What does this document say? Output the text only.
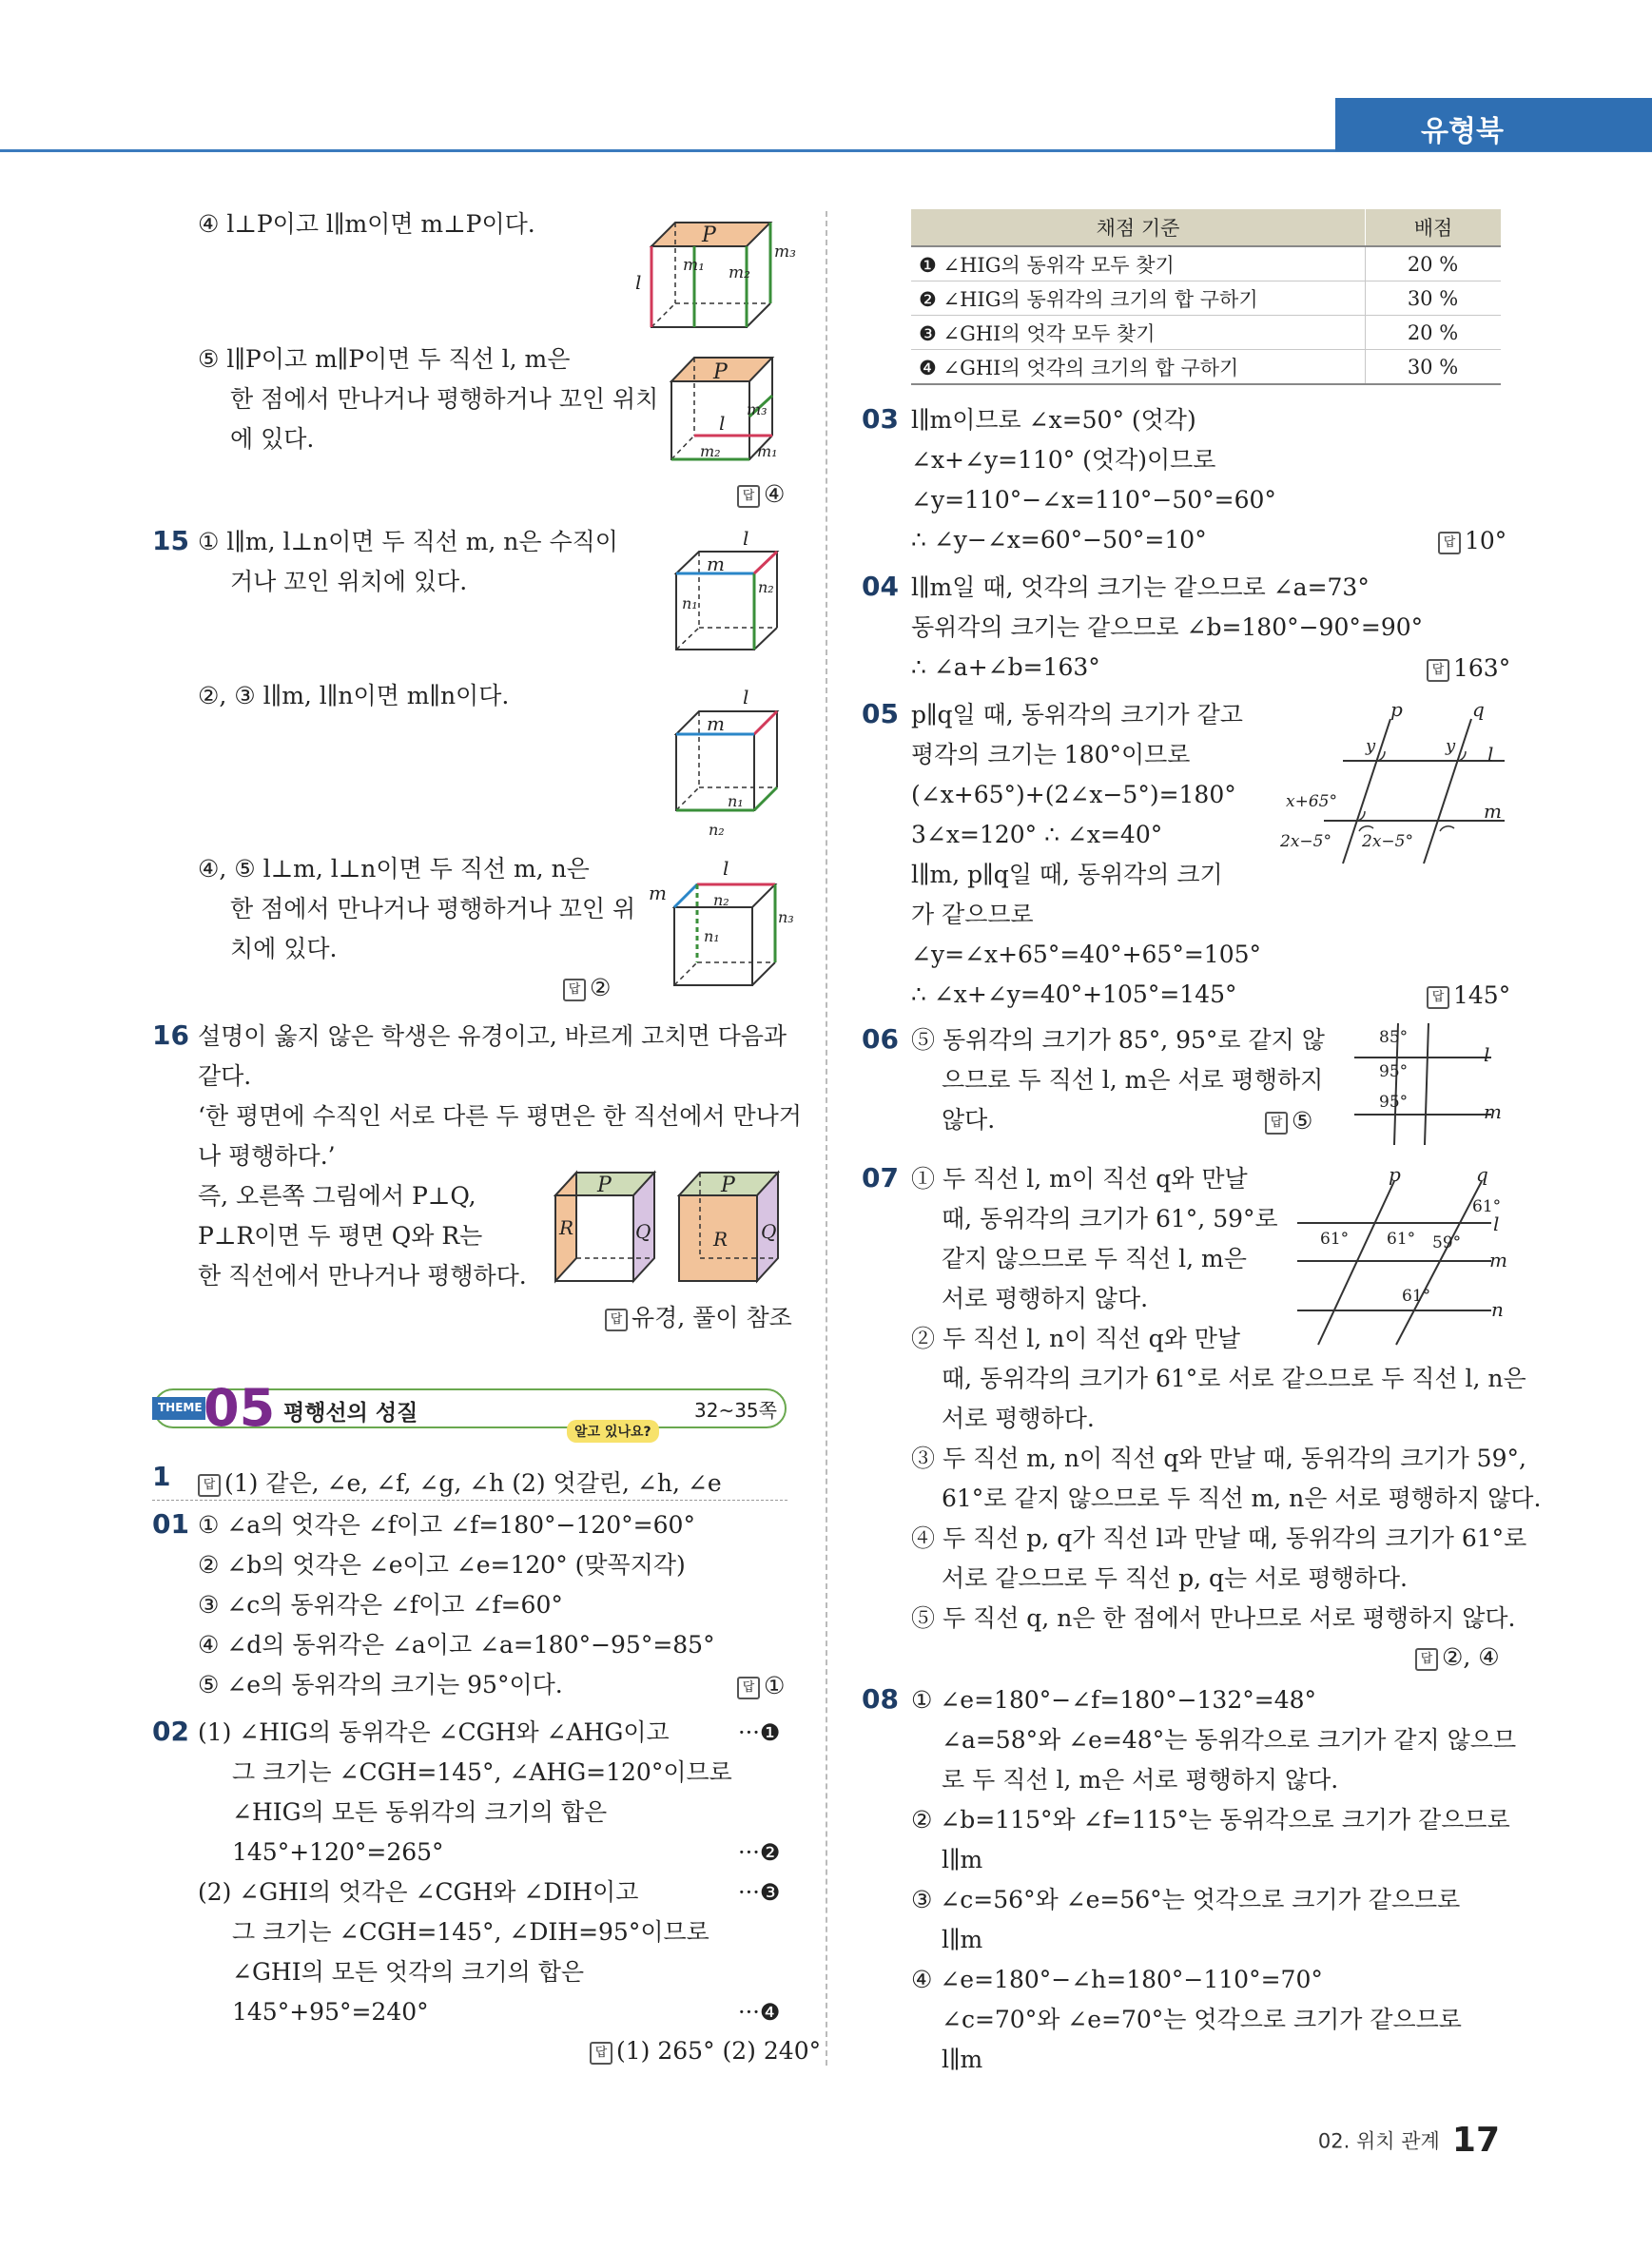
유형북
④ l⊥P이고 l∥m이면 m⊥P이다.	P
l
m₁ m₂
m₃
⑤ l∥P이고 m∥P이면 두 직선 l, m은
한 점에서 만나거나 평행하거나 꼬인 위치
에 있다.
P
l
m₃
m₂ m₁
답 ④
15 ① l∥m, l⊥n이면 두 직선 m, n은 수직이
거나 꼬인 위치에 있다.
l
m
n₂
n₁
②, ③ l∥m, l∥n이면 m∥n이다.	l
m
n₁
n₂
④, ⑤ l⊥m, l⊥n이면 두 직선 m, n은
한 점에서 만나거나 평행하거나 꼬인 위
치에 있다.
l
m	n₂
n₃
n₁
답 ②
16 설명이 옳지 않은 학생은 유경이고, 바르게 고치면 다음과
같다.
‘한 평면에 수직인 서로 다른 두 평면은 한 직선에서 만나거
나 평행하다.’
즉, 오른쪽 그림에서 P⊥Q,
P⊥R이면 두 평면 Q와 R는
한 직선에서 만나거나 평행하다.
P
R	Q
P
R Q
답 유경, 풀이 참조
THEME 05 평행선의 성질	32~35쪽
알고 있나요?
1	답 (1) 같은, ∠e, ∠f, ∠g, ∠h (2) 엇갈린, ∠h, ∠e
01 ① ∠a의 엇각은 ∠f이고 ∠f=180°−120°=60°
② ∠b의 엇각은 ∠e이고 ∠e=120° (맞꼭지각)
③ ∠c의 동위각은 ∠f이고 ∠f=60°
④ ∠d의 동위각은 ∠a이고 ∠a=180°−95°=85°
⑤ ∠e의 동위각의 크기는 95°이다.	답 ①
02 (1) ∠HIG의 동위각은 ∠CGH와 ∠AHG이고	···❶
그 크기는 ∠CGH=145°, ∠AHG=120°이므로
∠HIG의 모든 동위각의 크기의 합은
145°+120°=265°	···❷
(2) ∠GHI의 엇각은 ∠CGH와 ∠DIH이고	···❸
그 크기는 ∠CGH=145°, ∠DIH=95°이므로
∠GHI의 모든 엇각의 크기의 합은
145°+95°=240°	···❹
답 (1) 265° (2) 240°
채점 기준	배점
❶ ∠HIG의 동위각 모두 찾기	20 %
❷ ∠HIG의 동위각의 크기의 합 구하기	30 %
❸ ∠GHI의 엇각 모두 찾기	20 %
❹ ∠GHI의 엇각의 크기의 합 구하기	30 %
03 l∥m이므로 ∠x=50° (엇각)
∠x+∠y=110° (엇각)이므로
∠y=110°−∠x=110°−50°=60°
∴ ∠y−∠x=60°−50°=10°	답 10°
04 l∥m일 때, 엇각의 크기는 같으므로 ∠a=73°
동위각의 크기는 같으므로 ∠b=180°−90°=90°
∴ ∠a+∠b=163°	답 163°
05 p∥q일 때, 동위각의 크기가 같고
평각의 크기는 180°이므로
(∠x+65°)+(2∠x−5°)=180°
3∠x=120° ∴ ∠x=40°
l∥m, p∥q일 때, 동위각의 크기
가 같으므로
∠y=∠x+65°=40°+65°=105°
∴ ∠x+∠y=40°+105°=145°
p	q
l
m
y	y
x+65°
2x−5° 2x−5°
답 145°
06 ⑤ 동위각의 크기가 85°, 95°로 같지 않
으므로 두 직선 l, m은 서로 평행하지
않다.	답 ⑤
85°
95°
95°
l
m
07 ① 두 직선 l, m이 직선 q와 만날
때, 동위각의 크기가 61°, 59°로
같지 않으므로 두 직선 l, m은
서로 평행하지 않다.
② 두 직선 l, n이 직선 q와 만날
때, 동위각의 크기가 61°로 서로 같으므로 두 직선 l, n은
서로 평행하다.
③ 두 직선 m, n이 직선 q와 만날 때, 동위각의 크기가 59°,
61°로 같지 않으므로 두 직선 m, n은 서로 평행하지 않다.
④ 두 직선 p, q가 직선 l과 만날 때, 동위각의 크기가 61°로
서로 같으므로 두 직선 p, q는 서로 평행하다.
⑤ 두 직선 q, n은 한 점에서 만나므로 서로 평행하지 않다.
답 ②, ④
p	q
l
m
n
61°
61° 61° 59°
61°
08 ① ∠e=180°−∠f=180°−132°=48°
∠a=58°와 ∠e=48°는 동위각으로 크기가 같지 않으므
로 두 직선 l, m은 서로 평행하지 않다.
② ∠b=115°와 ∠f=115°는 동위각으로 크기가 같으므로
l∥m
③ ∠c=56°와 ∠e=56°는 엇각으로 크기가 같으므로
l∥m
④ ∠e=180°−∠h=180°−110°=70°
∠c=70°와 ∠e=70°는 엇각으로 크기가 같으므로
l∥m
02. 위치 관계 17
